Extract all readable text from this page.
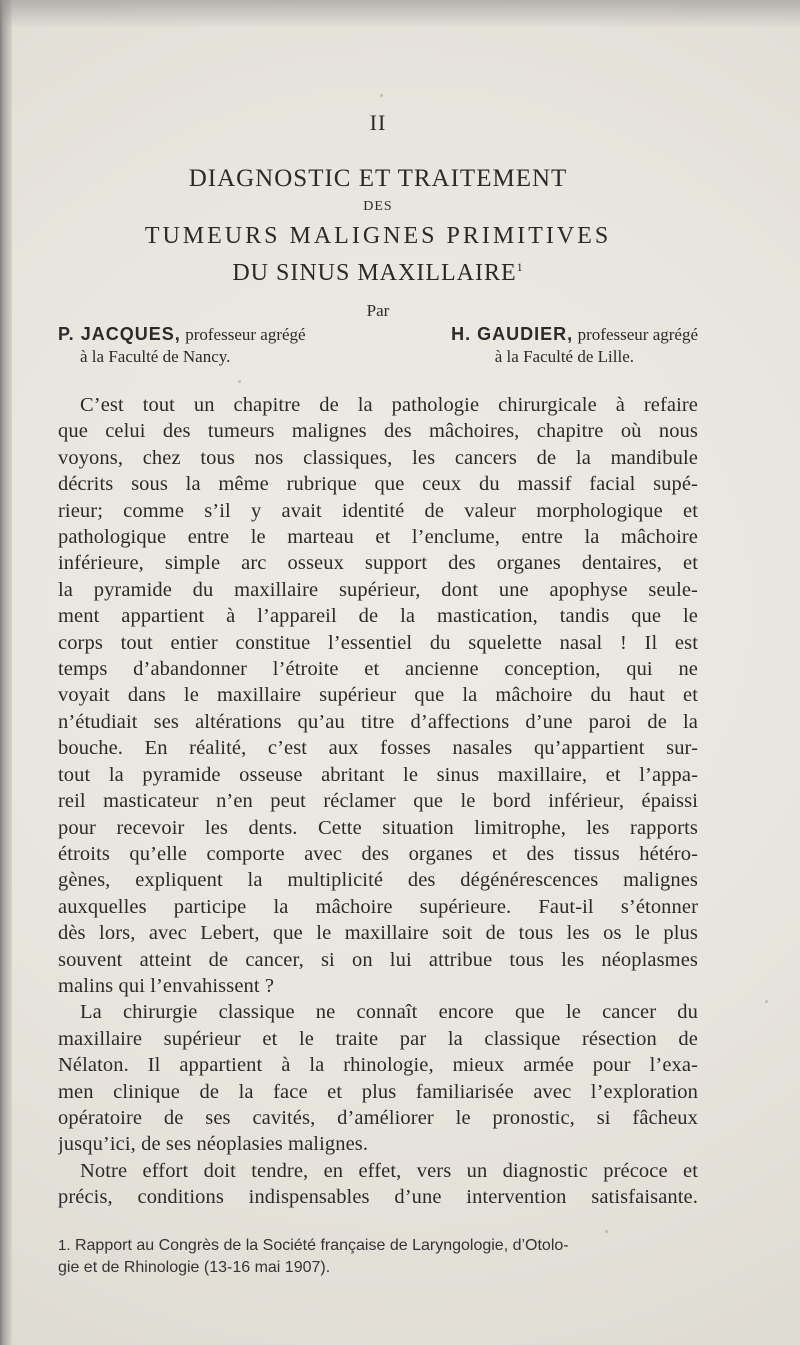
II
DIAGNOSTIC ET TRAITEMENT
DES
TUMEURS MALIGNES PRIMITIVES
DU SINUS MAXILLAIRE$^1$
Par
P. JACQUES, professeur agrégé
à la Faculté de Nancy.
H. GAUDIER, professeur agrégé
à la Faculté de Lille.
C’est tout un chapitre de la pathologie chirurgicale à refaire
que celui des tumeurs malignes des mâchoires, chapitre où nous
voyons, chez tous nos classiques, les cancers de la mandibule
décrits sous la même rubrique que ceux du massif facial supé-
rieur; comme s’il y avait identité de valeur morphologique et
pathologique entre le marteau et l’enclume, entre la mâchoire
inférieure, simple arc osseux support des organes dentaires, et
la pyramide du maxillaire supérieur, dont une apophyse seule-
ment appartient à l’appareil de la mastication, tandis que le
corps tout entier constitue l’essentiel du squelette nasal ! Il est
temps d’abandonner l’étroite et ancienne conception, qui ne
voyait dans le maxillaire supérieur que la mâchoire du haut et
n’étudiait ses altérations qu’au titre d’affections d’une paroi de la
bouche. En réalité, c’est aux fosses nasales qu’appartient sur-
tout la pyramide osseuse abritant le sinus maxillaire, et l’appa-
reil masticateur n’en peut réclamer que le bord inférieur, épaissi
pour recevoir les dents. Cette situation limitrophe, les rapports
étroits qu’elle comporte avec des organes et des tissus hétéro-
gènes, expliquent la multiplicité des dégénérescences malignes
auxquelles participe la mâchoire supérieure. Faut-il s’étonner
dès lors, avec Lebert, que le maxillaire soit de tous les os le plus
souvent atteint de cancer, si on lui attribue tous les néoplasmes
malins qui l’envahissent ?
La chirurgie classique ne connaît encore que le cancer du
maxillaire supérieur et le traite par la classique résection de
Nélaton. Il appartient à la rhinologie, mieux armée pour l’exa-
men clinique de la face et plus familiarisée avec l’exploration
opératoire de ses cavités, d’améliorer le pronostic, si fâcheux
jusqu’ici, de ses néoplasies malignes.
Notre effort doit tendre, en effet, vers un diagnostic précoce et
précis, conditions indispensables d’une intervention satisfaisante.
1. Rapport au Congrès de la Société française de Laryngologie, d’Otolo-
gie et de Rhinologie (13-16 mai 1907).
